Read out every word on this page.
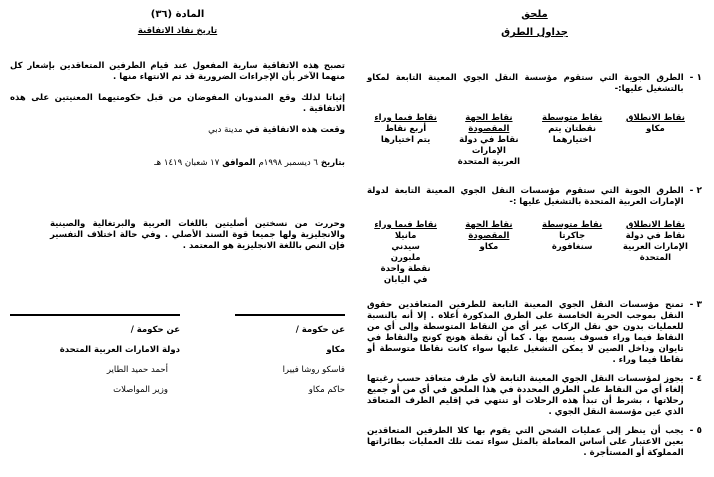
ملحق
جداول الطرق
١ -
الطرق الجوية التي ستقوم مؤسسة النقل الجوي المعينة التابعة لمكاو بالتشغيل عليها:-
نقاط الانطلاق
مكاو
نقاط متوسطة
نقطتان يتم
اختيارهما
نقاط الجهة المقصودة
نقاط في دولة الإمارات
العربية المتحدة
نقاط فيما وراء
أربع نقاط
يتم اختيارها
٢ -
الطرق الجوية التي ستقوم مؤسسات النقل الجوي المعينة التابعة لدولة الإمارات العربية المتحدة بالتشغيل عليها :-
نقاط الانطلاق
نقاط في دولة
الإمارات العربية
المتحدة
نقاط متوسطة
جاكرتا
سنغافورة
نقاط الجهة المقصودة
مكاو
نقاط فيما وراء
مانيلا
سيدني
ملبورن
نقطة واحدة
في اليابان
٣ -
تمنح مؤسسات النقل الجوي المعينة التابعة للطرفين المتعاقدين حقوق النقل بموجب الحرية الخامسة على الطرق المذكورة أعلاه . إلا أنه بالنسبة للعمليات بدون حق نقل الركاب عبر أي من النقاط المتوسطة وإلى أي من النقاط فيما وراء فسوف يسمح بها . كما أن نقطة هونج كونج والنقاط في تايوان وداخل الصين لا يمكن التشغيل عليها سواء كانت نقاطا متوسطة أو نقاطا فيما وراء .
٤ -
يجوز لمؤسسات النقل الجوي المعينة التابعة لأي طرف متعاقد حسب رغبتها إلغاء أي من النقاط على الطرق المحددة في هذا الملحق في أي من أو جميع رحلاتها ، بشرط أن تبدأ هذه الرحلات أو تنتهي في إقليم الطرف المتعاقد الذي عين مؤسسة النقل الجوي .
٥ -
يجب أن ينظر إلى عمليات الشحن التي يقوم بها كلا الطرفين المتعاقدين بعين الاعتبار على أساس المعاملة بالمثل سواء تمت تلك العمليات بطائراتها المملوكة أو المستأجرة .
المادة (٣٦)
تاريخ نفاذ الاتفاقية
تصبح هذه الاتفاقية سارية المفعول عند قيام الطرفين المتعاقدين بإشعار كل منهما الآخر بأن الإجراءات الضرورية قد تم الانتهاء منها .
إثباتا لذلك وقع المندوبان المفوضان من قبل حكومتيهما المعنيتين على هذه الاتفاقية .
وقعت هذه الاتفاقية في مدينة دبي
بتاريخ ٦ ديسمبر ١٩٩٨م الموافق ١٧ شعبان ١٤١٩ هـ
وحررت من نسختين أصليتين باللغات العربية والبرتغالية والصينية والانجليزية ولها جميعا قوة السند الأصلي . وفي حالة اختلاف التفسير فإن النص باللغة الانجليزية هو المعتمد .
عن حكومة /
مكاو
فاسكو روشا فييرا
حاكم مكاو
عن حكومة /
دولة الامارات العربية المتحدة
أحمد حميد الطاير
وزير المواصلات
